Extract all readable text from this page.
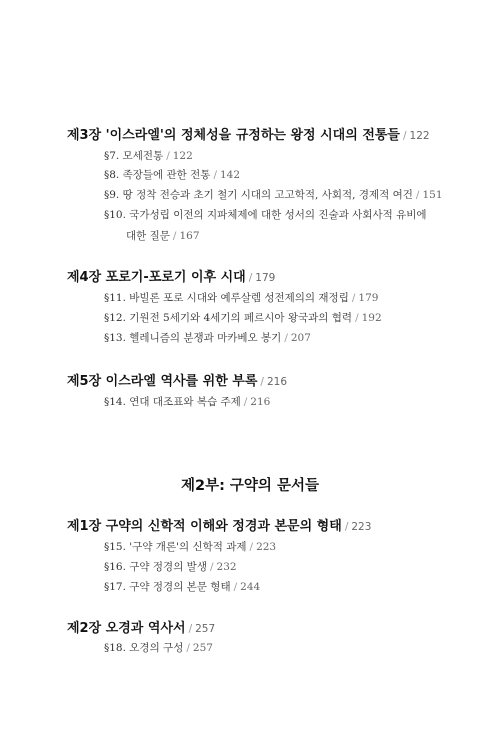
제3장 '이스라엘'의 정체성을 규정하는 왕정 시대의 전통들 / 122
§7. 모세전통 / 122
§8. 족장들에 관한 전통 / 142
§9. 땅 정착 전승과 초기 철기 시대의 고고학적, 사회적, 경제적 여건 / 151
§10. 국가성립 이전의 지파체제에 대한 성서의 진술과 사회사적 유비에
대한 질문 / 167
제4장 포로기-포로기 이후 시대 / 179
§11. 바빌론 포로 시대와 예루살렘 성전제의의 재정립 / 179
§12. 기원전 5세기와 4세기의 페르시아 왕국과의 협력 / 192
§13. 헬레니즘의 분쟁과 마카베오 봉기 / 207
제5장 이스라엘 역사를 위한 부록 / 216
§14. 연대 대조표와 복습 주제 / 216
제2부: 구약의 문서들
제1장 구약의 신학적 이해와 정경과 본문의 형태 / 223
§15. '구약 개론'의 신학적 과제 / 223
§16. 구약 정경의 발생 / 232
§17. 구약 정경의 본문 형태 / 244
제2장 오경과 역사서 / 257
§18. 오경의 구성 / 257
